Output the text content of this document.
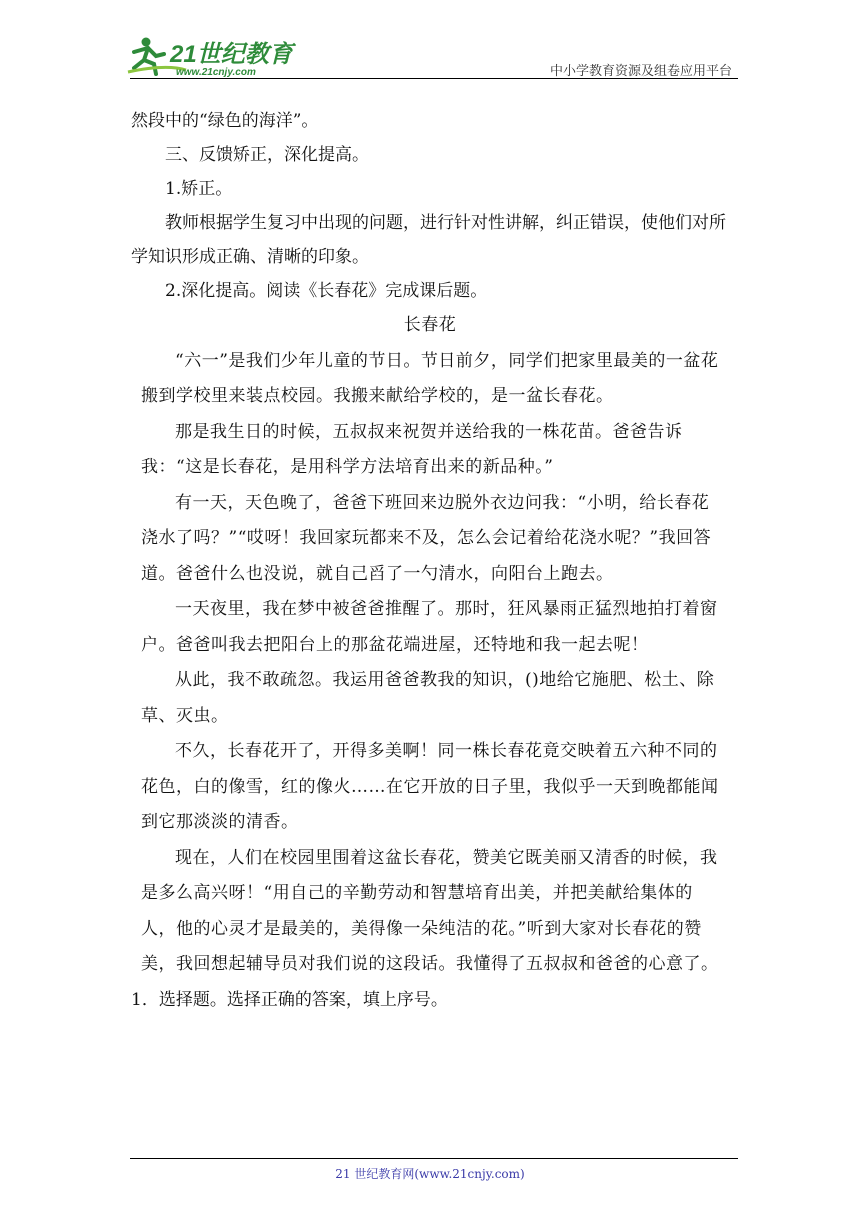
21世纪教育
www.21cnjy.com	中小学教育资源及组卷应用平台

然段中的“绿色的海洋”。

三、反馈矫正，深化提高。

1.矫正。

教师根据学生复习中出现的问题，进行针对性讲解，纠正错误，使他们对所学知识形成正确、清晰的印象。

2.深化提高。阅读《长春花》完成课后题。

长春花

“六一”是我们少年儿童的节日。节日前夕，同学们把家里最美的一盆花搬到学校里来装点校园。我搬来献给学校的，是一盆长春花。

那是我生日的时候，五叔叔来祝贺并送给我的一株花苗。爸爸告诉我：“这是长春花，是用科学方法培育出来的新品种。”

有一天，天色晚了，爸爸下班回来边脱外衣边问我：“小明，给长春花浇水了吗？”“哎呀！我回家玩都来不及，怎么会记着给花浇水呢？”我回答道。爸爸什么也没说，就自己舀了一勺清水，向阳台上跑去。

一天夜里，我在梦中被爸爸推醒了。那时，狂风暴雨正猛烈地拍打着窗户。爸爸叫我去把阳台上的那盆花端进屋，还特地和我一起去呢！

从此，我不敢疏忽。我运用爸爸教我的知识，()地给它施肥、松土、除草、灭虫。

不久，长春花开了，开得多美啊！同一株长春花竟交映着五六种不同的花色，白的像雪，红的像火……在它开放的日子里，我似乎一天到晚都能闻到它那淡淡的清香。

现在，人们在校园里围着这盆长春花，赞美它既美丽又清香的时候，我是多么高兴呀！“用自己的辛勤劳动和智慧培育出美，并把美献给集体的人，他的心灵才是最美的，美得像一朵纯洁的花。”听到大家对长春花的赞美，我回想起辅导员对我们说的这段话。我懂得了五叔叔和爸爸的心意了。

1．选择题。选择正确的答案，填上序号。

21 世纪教育网(www.21cnjy.com)
